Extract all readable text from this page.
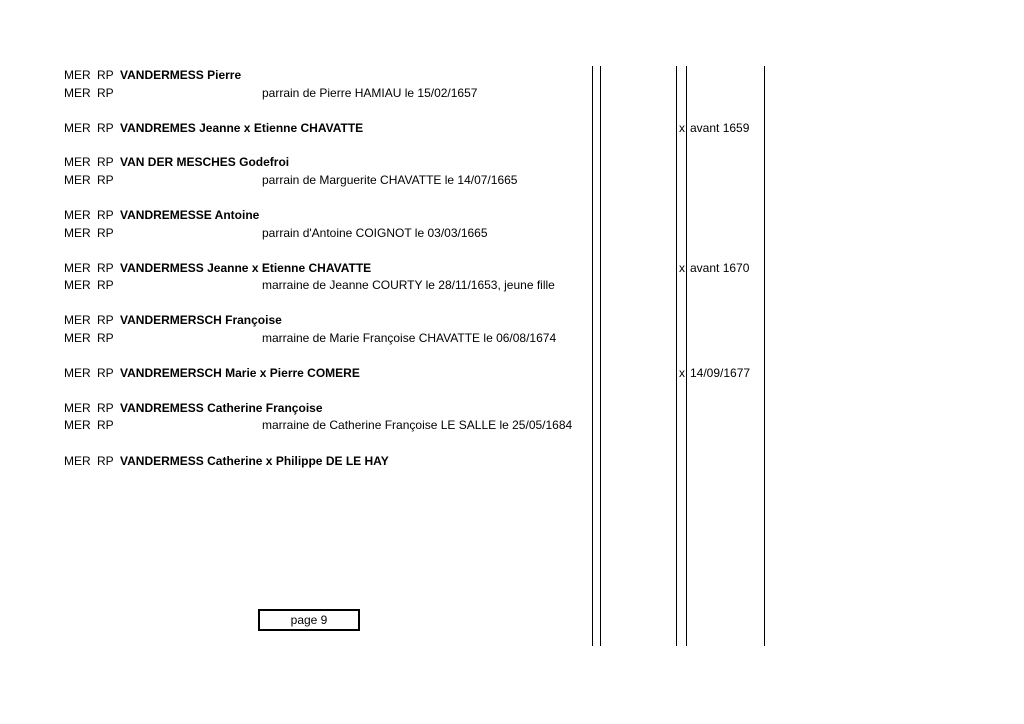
MER RP VANDERMESS Pierre
MER RP	parrain de Pierre HAMIAU le 15/02/1657
MER RP VANDREMES Jeanne x Etienne CHAVATTE	x avant 1659
MER RP VAN DER MESCHES Godefroi
MER RP	parrain de Marguerite CHAVATTE le 14/07/1665
MER RP VANDREMESSE Antoine
MER RP	parrain d'Antoine COIGNOT le 03/03/1665
MER RP VANDERMESS Jeanne x Etienne CHAVATTE	x avant 1670
MER RP	marraine de Jeanne COURTY le 28/11/1653, jeune fille
MER RP VANDERMERSCH Françoise
MER RP	marraine de Marie Françoise CHAVATTE le 06/08/1674
MER RP VANDREMERSCH Marie x Pierre COMERE	x 14/09/1677
MER RP VANDREMESS Catherine Françoise
MER RP	marraine de Catherine Françoise LE SALLE le 25/05/1684
MER RP VANDERMESS Catherine x Philippe DE LE HAY
page 9
